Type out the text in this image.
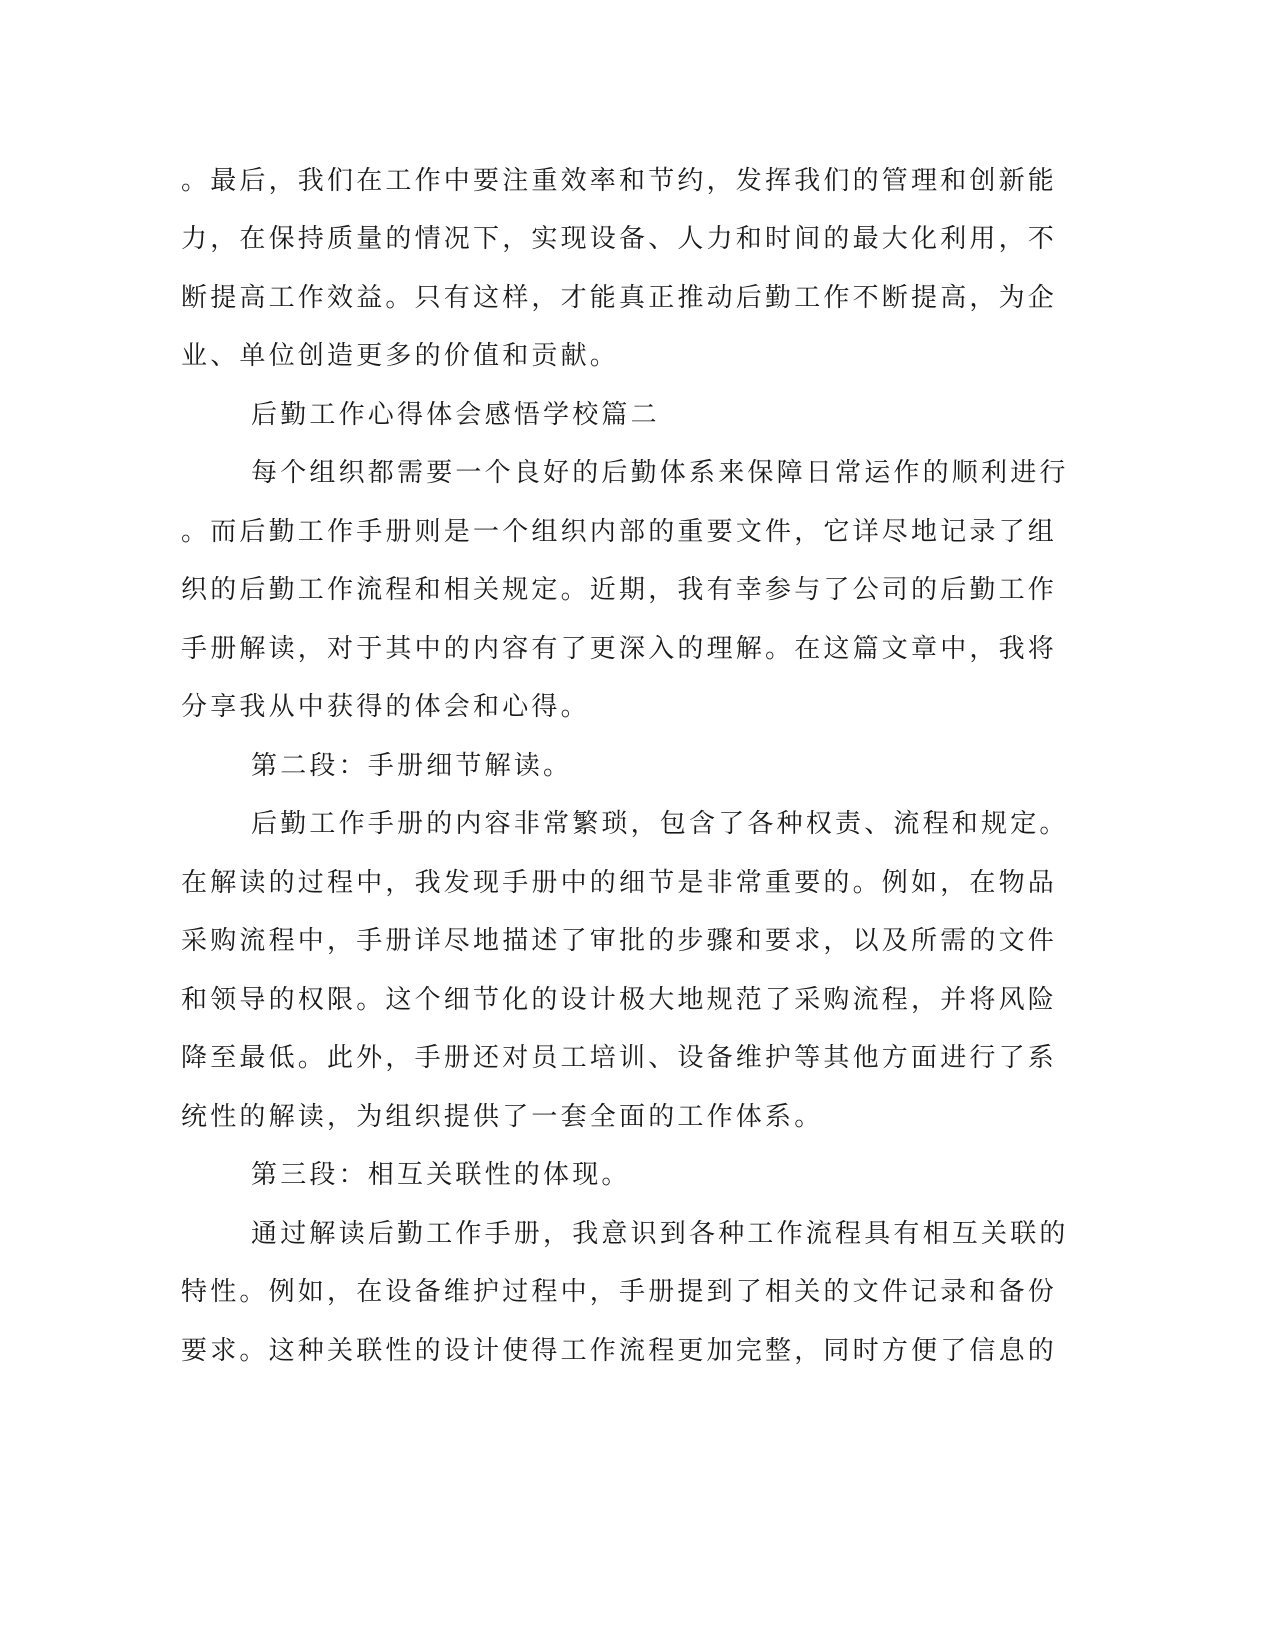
。最后，我们在工作中要注重效率和节约，发挥我们的管理和创新能
力，在保持质量的情况下，实现设备、人力和时间的最大化利用，不
断提高工作效益。只有这样，才能真正推动后勤工作不断提高，为企
业、单位创造更多的价值和贡献。
后勤工作心得体会感悟学校篇二
每个组织都需要一个良好的后勤体系来保障日常运作的顺利进行
。而后勤工作手册则是一个组织内部的重要文件，它详尽地记录了组
织的后勤工作流程和相关规定。近期，我有幸参与了公司的后勤工作
手册解读，对于其中的内容有了更深入的理解。在这篇文章中，我将
分享我从中获得的体会和心得。
第二段：手册细节解读。
后勤工作手册的内容非常繁琐，包含了各种权责、流程和规定。
在解读的过程中，我发现手册中的细节是非常重要的。例如，在物品
采购流程中，手册详尽地描述了审批的步骤和要求，以及所需的文件
和领导的权限。这个细节化的设计极大地规范了采购流程，并将风险
降至最低。此外，手册还对员工培训、设备维护等其他方面进行了系
统性的解读，为组织提供了一套全面的工作体系。
第三段：相互关联性的体现。
通过解读后勤工作手册，我意识到各种工作流程具有相互关联的
特性。例如，在设备维护过程中，手册提到了相关的文件记录和备份
要求。这种关联性的设计使得工作流程更加完整，同时方便了信息的
